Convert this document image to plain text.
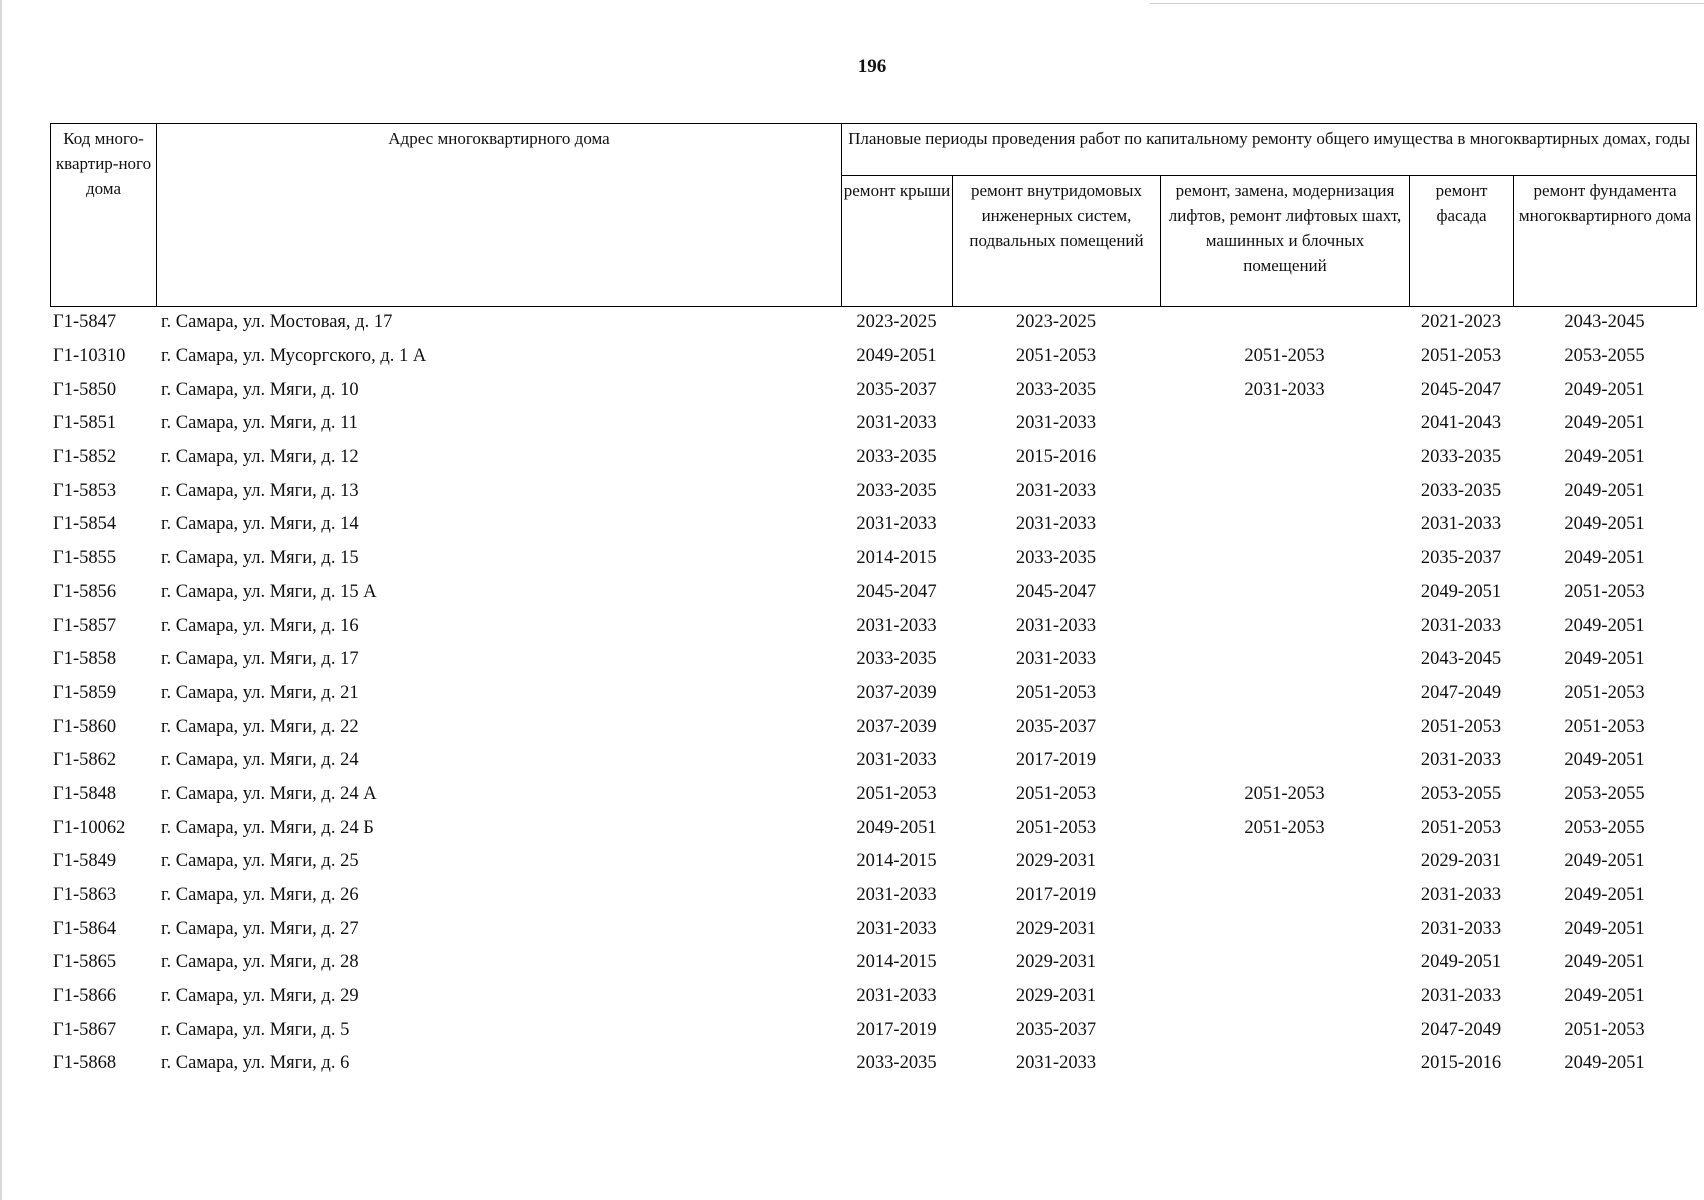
196
Код много-квартир-ного дома	Адрес многоквартирного дома	Плановые периоды проведения работ по капитальному ремонту общего имущества в многоквартирных домах, годы				
		ремонт крыши	ремонт внутридомовых инженерных систем, подвальных помещений	ремонт, замена, модернизация лифтов, ремонт лифтовых шахт, машинных и блочных помещений	ремонт фасада	ремонт фундамента многоквартирного дома
Г1-5847	г. Самара, ул. Мостовая, д. 17	2023-2025	2023-2025		2021-2023	2043-2045
Г1-10310	г. Самара, ул. Мусоргского, д. 1 А	2049-2051	2051-2053	2051-2053	2051-2053	2053-2055
Г1-5850	г. Самара, ул. Мяги, д. 10	2035-2037	2033-2035	2031-2033	2045-2047	2049-2051
Г1-5851	г. Самара, ул. Мяги, д. 11	2031-2033	2031-2033		2041-2043	2049-2051
Г1-5852	г. Самара, ул. Мяги, д. 12	2033-2035	2015-2016		2033-2035	2049-2051
Г1-5853	г. Самара, ул. Мяги, д. 13	2033-2035	2031-2033		2033-2035	2049-2051
Г1-5854	г. Самара, ул. Мяги, д. 14	2031-2033	2031-2033		2031-2033	2049-2051
Г1-5855	г. Самара, ул. Мяги, д. 15	2014-2015	2033-2035		2035-2037	2049-2051
Г1-5856	г. Самара, ул. Мяги, д. 15 А	2045-2047	2045-2047		2049-2051	2051-2053
Г1-5857	г. Самара, ул. Мяги, д. 16	2031-2033	2031-2033		2031-2033	2049-2051
Г1-5858	г. Самара, ул. Мяги, д. 17	2033-2035	2031-2033		2043-2045	2049-2051
Г1-5859	г. Самара, ул. Мяги, д. 21	2037-2039	2051-2053		2047-2049	2051-2053
Г1-5860	г. Самара, ул. Мяги, д. 22	2037-2039	2035-2037		2051-2053	2051-2053
Г1-5862	г. Самара, ул. Мяги, д. 24	2031-2033	2017-2019		2031-2033	2049-2051
Г1-5848	г. Самара, ул. Мяги, д. 24 А	2051-2053	2051-2053	2051-2053	2053-2055	2053-2055
Г1-10062	г. Самара, ул. Мяги, д. 24 Б	2049-2051	2051-2053	2051-2053	2051-2053	2053-2055
Г1-5849	г. Самара, ул. Мяги, д. 25	2014-2015	2029-2031		2029-2031	2049-2051
Г1-5863	г. Самара, ул. Мяги, д. 26	2031-2033	2017-2019		2031-2033	2049-2051
Г1-5864	г. Самара, ул. Мяги, д. 27	2031-2033	2029-2031		2031-2033	2049-2051
Г1-5865	г. Самара, ул. Мяги, д. 28	2014-2015	2029-2031		2049-2051	2049-2051
Г1-5866	г. Самара, ул. Мяги, д. 29	2031-2033	2029-2031		2031-2033	2049-2051
Г1-5867	г. Самара, ул. Мяги, д. 5	2017-2019	2035-2037		2047-2049	2051-2053
Г1-5868	г. Самара, ул. Мяги, д. 6	2033-2035	2031-2033		2015-2016	2049-2051
